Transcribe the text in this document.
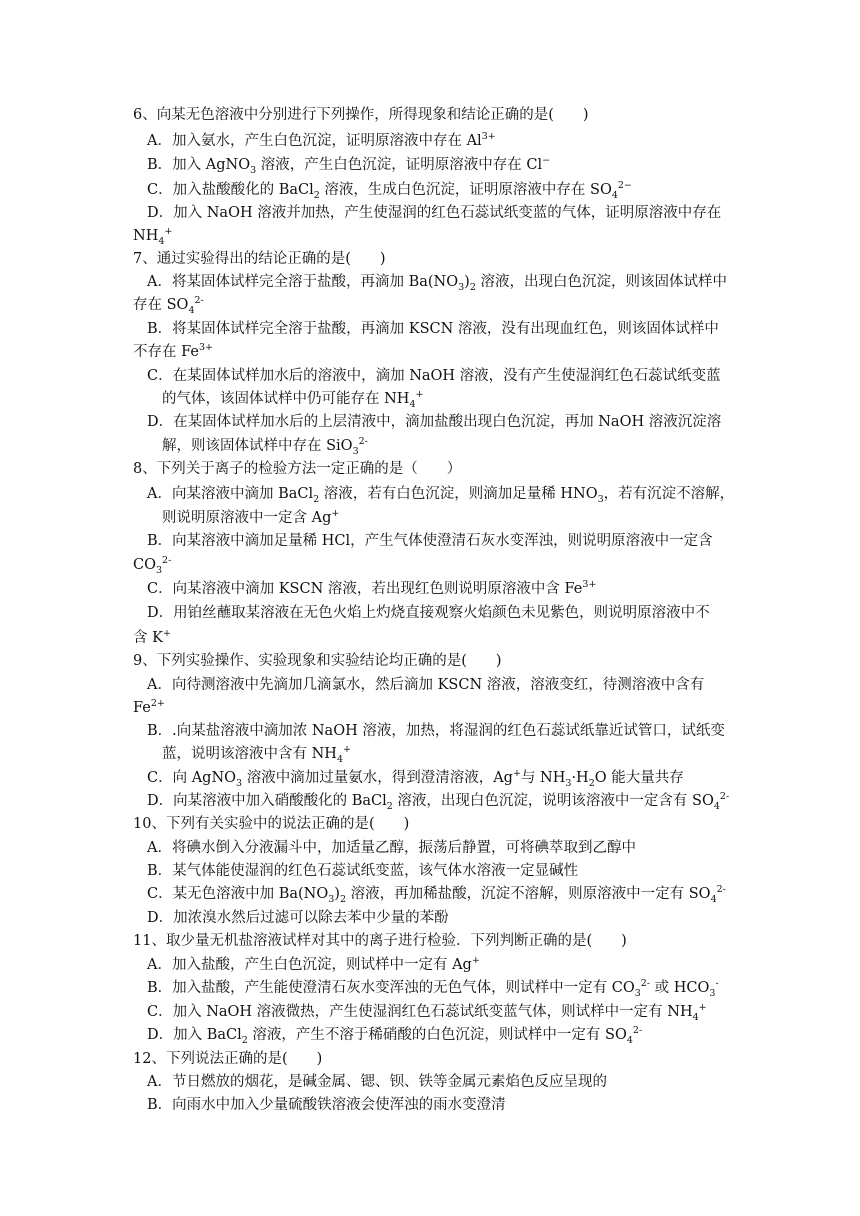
6、向某无色溶液中分别进行下列操作，所得现象和结论正确的是(　　)
A．加入氨水，产生白色沉淀，证明原溶液中存在 $Al^{3+}$
B．加入 AgNO$_3$ 溶液，产生白色沉淀，证明原溶液中存在 Cl−
C．加入盐酸酸化的 BaCl$_2$ 溶液，生成白色沉淀，证明原溶液中存在 $SO_4^{2-}$
D．加入 NaOH 溶液并加热，产生使湿润的红色石蕊试纸变蓝的气体，证明原溶液中存在
$NH_4^+$
7、通过实验得出的结论正确的是(　　)
A．将某固体试样完全溶于盐酸，再滴加 $Ba(NO_3)_2$ 溶液，出现白色沉淀，则该固体试样中
存在 $SO_4^{2-}$
B．将某固体试样完全溶于盐酸，再滴加 KSCN 溶液，没有出现血红色，则该固体试样中
不存在 $Fe^{3+}$
C．在某固体试样加水后的溶液中，滴加 NaOH 溶液，没有产生使湿润红色石蕊试纸变蓝
的气体，该固体试样中仍可能存在 $NH_4^+$
D．在某固体试样加水后的上层清液中，滴加盐酸出现白色沉淀，再加 NaOH 溶液沉淀溶
解，则该固体试样中存在 SiO$_3^{2-}$
8、下列关于离子的检验方法一定正确的是（　　）
A．向某溶液中滴加 BaCl$_2$ 溶液，若有白色沉淀，则滴加足量稀 $HNO_3$，若有沉淀不溶解，
则说明原溶液中一定含 Ag+
B．向某溶液中滴加足量稀 HCl，产生气体使澄清石灰水变浑浊，则说明原溶液中一定含
$CO_3^{2-}$
C．向某溶液中滴加 KSCN 溶液，若出现红色则说明原溶液中含 $Fe^{3+}$
D．用铂丝蘸取某溶液在无色火焰上灼烧直接观察火焰颜色未见紫色，则说明原溶液中不
含 K+
9、下列实验操作、实验现象和实验结论均正确的是(　　)
A．向待测溶液中先滴加几滴氯水，然后滴加 KSCN 溶液，溶液变红，待测溶液中含有
$Fe^{2+}$
B．.向某盐溶液中滴加浓 NaOH 溶液，加热，将湿润的红色石蕊试纸靠近试管口，试纸变
蓝，说明该溶液中含有 $NH_4^+$
C．向 AgNO$_3$ 溶液中滴加过量氨水，得到澄清溶液，Ag+与 $NH_3\cdot H_2O$ 能大量共存
D．向某溶液中加入硝酸酸化的 BaCl$_2$ 溶液，出现白色沉淀，说明该溶液中一定含有 $SO_4^{2-}$
10、下列有关实验中的说法正确的是(　　)
A．将碘水倒入分液漏斗中，加适量乙醇，振荡后静置，可将碘萃取到乙醇中
B．某气体能使湿润的红色石蕊试纸变蓝，该气体水溶液一定显碱性
C．某无色溶液中加 $Ba(NO_3)_2$ 溶液，再加稀盐酸，沉淀不溶解，则原溶液中一定有 $SO_4^{2-}$
D．加浓溴水然后过滤可以除去苯中少量的苯酚
11、取少量无机盐溶液试样对其中的离子进行检验．下列判断正确的是(　　)
A．加入盐酸，产生白色沉淀，则试样中一定有 Ag+
B．加入盐酸，产生能使澄清石灰水变浑浊的无色气体，则试样中一定有 $CO_3^{2-}$ 或 $HCO_3^-$
C．加入 NaOH 溶液微热，产生使湿润红色石蕊试纸变蓝气体，则试样中一定有 $NH_4^+$
D．加入 BaCl$_2$ 溶液，产生不溶于稀硝酸的白色沉淀，则试样中一定有 $SO_4^{2-}$
12、下列说法正确的是(　　)
A．节日燃放的烟花，是碱金属、锶、钡、铁等金属元素焰色反应呈现的
B．向雨水中加入少量硫酸铁溶液会使浑浊的雨水变澄清
